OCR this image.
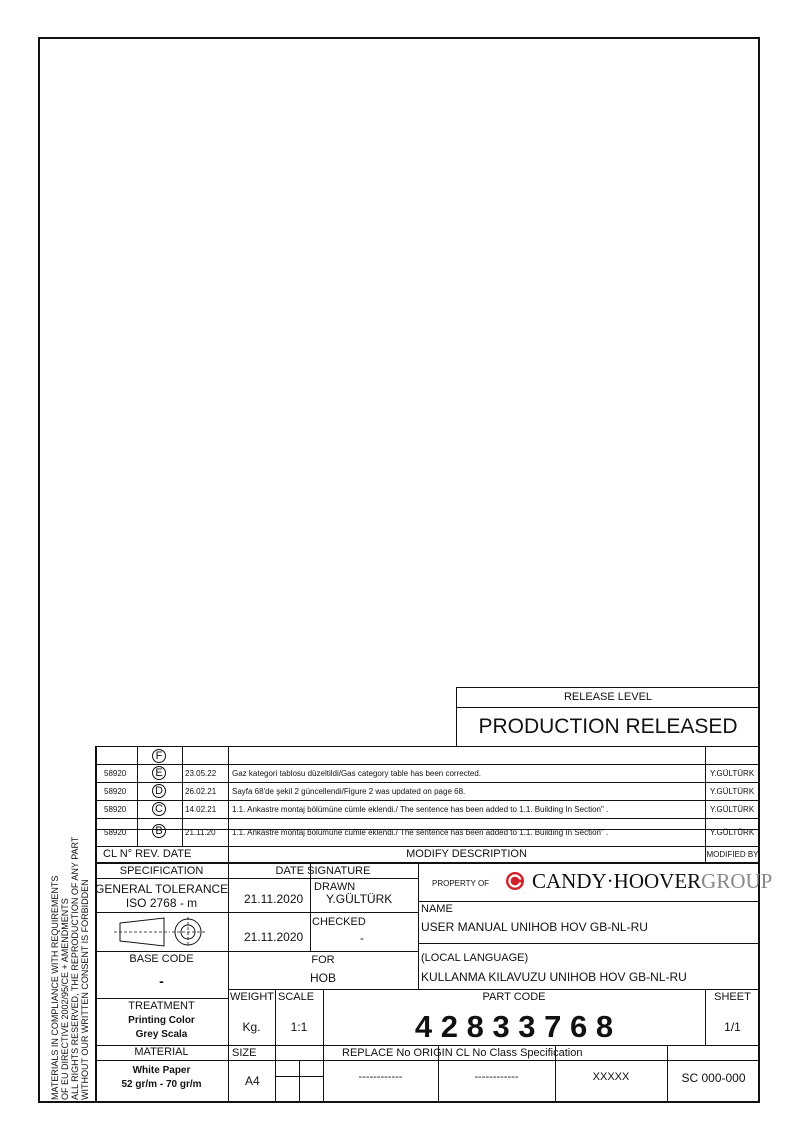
RELEASE LEVEL
PRODUCTION RELEASED
F
58920	E	23.05.22 Gaz kategori tablosu düzeltildi/Gas category table has been corrected.	Y.GÜLTÜRK
58920	D	26.02.21 Sayfa 68'de şekil 2 güncellendi/Figure 2 was updated on page 68.	Y.GÜLTÜRK
58920	C	14.02.21 1.1. Ankastre montaj bölümüne cümle eklendi./ The sentence has been added to 1.1. Building In Section" .	Y.GÜLTÜRK
58920	B	21.11.20 1.1. Ankastre montaj bölümüne cümle eklendi./ The sentence has been added to 1.1. Building In Section" .	Y.GÜLTÜRK
CL N° REV. DATE	MODIFY DESCRIPTION	MODIFIED BY
SPECIFICATION
GENERAL TOLERANCE
ISO 2768 - m
BASE CODE
-
TREATMENT
Printing Color
Grey Scala
MATERIAL
White Paper
52 gr/m - 70 gr/m
DATE SIGNATURE
21.11.2020
DRAWN
Y.GÜLTÜRK
CHECKED
21.11.2020	-
FOR
HOB
PROPERTY OF CANDY·HOOVERGROUP
NAME
USER MANUAL UNIHOB HOV GB-NL-RU
(LOCAL LANGUAGE)
KULLANMA KILAVUZU UNIHOB HOV GB-NL-RU
WEIGHT SCALE	PART CODE	SHEET
Kg.	1:1	4 2 8 3 3 7 6 8	1/1
SIZE	REPLACE No ORIGIN CL No Class Specification
A4	------------	------------	XXXXX	SC 000-000
MATERIALS IN COMPLIANCE WITH REQUIREMENTS OF EU DIRECTIVE 2002/95/CE + AMENDMENTS ALL RIGHTS RESERVED, THE REPRODUCTION OF ANY PART WITHOUT OUR WRITTEN CONSENT IS FORBIDDEN
